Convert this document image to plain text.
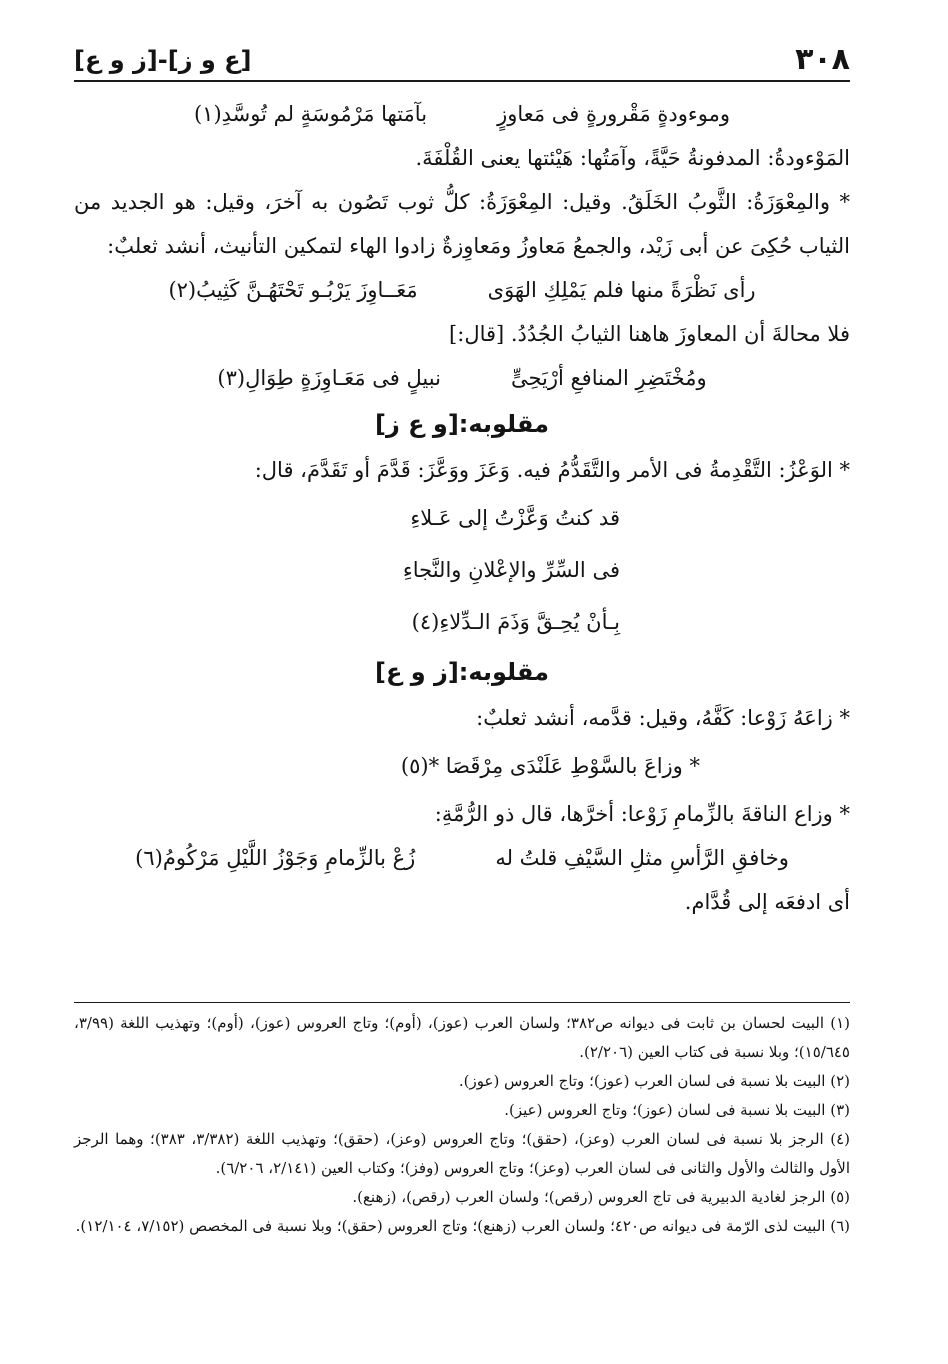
٣٠٨
[ع و ز]-[ز و ع]
وموءودةٍ مَقْرورةٍ فى مَعاوزٍ
بآمَتها مَرْمُوسَةٍ لم تُوسَّدِ(١)

المَوْءودةُ: المدفونةُ حَيَّةً، وآمَتُها: هَيْئتها يعنى القُلْفَةَ.

* والمِعْوَزَةُ: الثَّوبُ الخَلَقُ. وقيل: المِعْوَزَةُ: كلُّ ثوب تَصُون به آخرَ، وقيل: هو الجديد من الثياب حُكِىَ عن أبى زَيْد، والجمعُ مَعاوزُ ومَعاوِزةٌ زادوا الهاء لتمكين التأنيث، أنشد ثعلبٌ:

رأى نَظْرَةً منها فلم يَمْلِكِ الهَوَى
مَعَــاوِزَ يَرْبُـو تَحْتَهُـنَّ كَثِيبُ(٢)

فلا محالةَ أن المعاوزَ هاهنا الثيابُ الجُدُدُ. [قال:]

ومُخْتَضِرِ المنافعِ أرْيَحِىٍّ
نبيلٍ فى مَعَـاوِزَةٍ طِوَالِ(٣)
مقلوبه:[و ع ز]

* الوَعْزُ: التَّقْدِمةُ فى الأمر والتَّقَدُّمُ فيه. وَعَزَ ووَعَّزَ: قَدَّمَ أو تَقَدَّمَ، قال:

قد كنتُ وَعَّزْتُ إلى عَـلاءِ
فى السِّرِّ والإعْلانِ والنَّجاءِ
بِـأنْ يُحِـقَّ وَذَمَ الـدِّلاءِ(٤)
مقلوبه:[ز و ع]

* زاعَهُ زَوْعا: كَفَّهُ، وقيل: قدَّمه، أنشد ثعلبٌ:

* وزاعَ بالسَّوْطِ عَلَنْدَى مِرْقَصَا *(٥)

* وزاع الناقةَ بالزِّمامِ زَوْعا: أخرَّها، قال ذو الرُّمَّةِ:

وخافقِ الرَّأسِ مثلِ السَّيْفِ قلتُ له
زُعْ بالزِّمامِ وَجَوْزُ اللَّيْلِ مَرْكُومُ(٦)

أى ادفعَه إلى قُدَّام.

(١) البيت لحسان بن ثابت فى ديوانه ص٣٨٢؛ ولسان العرب (عوز)، (أوم)؛ وتاج العروس (عوز)، (أوم)؛ وتهذيب اللغة (٣/٩٩، ١٥/٦٤٥)؛ وبلا نسبة فى كتاب العين (٢/٢٠٦).

(٢) البيت بلا نسبة فى لسان العرب (عوز)؛ وتاج العروس (عوز).

(٣) البيت بلا نسبة فى لسان (عوز)؛ وتاج العروس (عيز).

(٤) الرجز بلا نسبة فى لسان العرب (وعز)، (حقق)؛ وتاج العروس (وعز)، (حقق)؛ وتهذيب اللغة (٣/٣٨٢، ٣٨٣)؛ وهما الرجز الأول والثالث والأول والثانى فى لسان العرب (وعز)؛ وتاج العروس (وفز)؛ وكتاب العين (٢/١٤١، ٦/٢٠٦).

(٥) الرجز لغادية الدبيرية فى تاج العروس (رقص)؛ ولسان العرب (رقص)، (زهنع).

(٦) البيت لذى الرّمة فى ديوانه ص٤٢٠؛ ولسان العرب (زهنع)؛ وتاج العروس (حقق)؛ وبلا نسبة فى المخصص (٧/١٥٢، ١٢/١٠٤).
